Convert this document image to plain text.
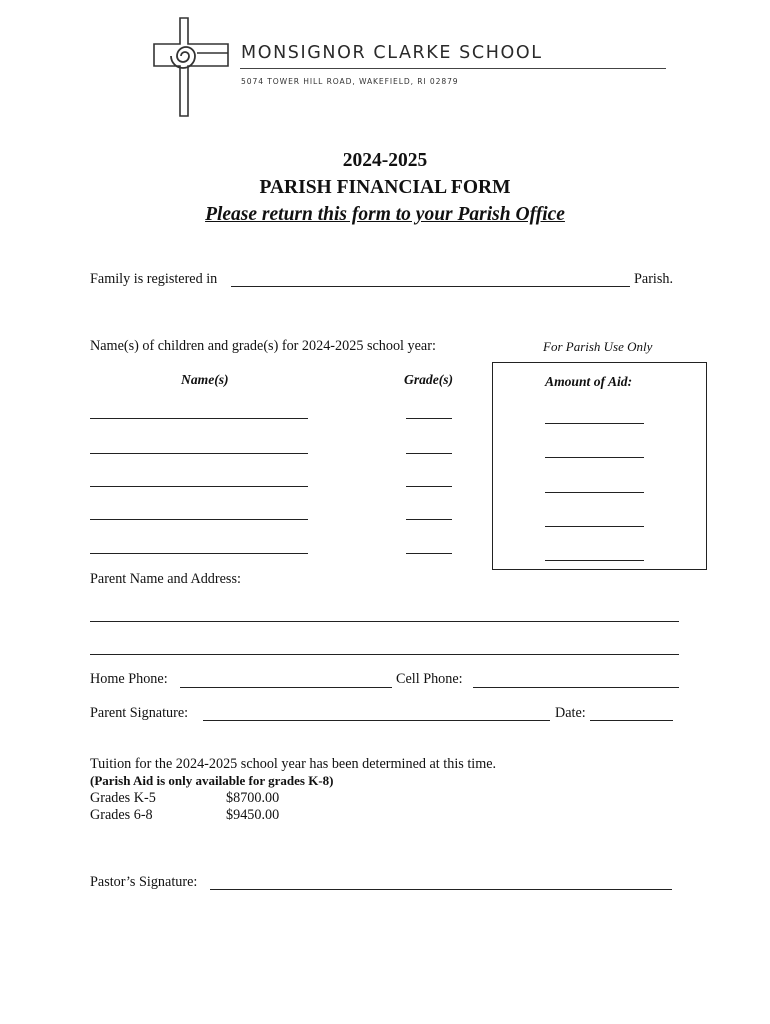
MONSIGNOR CLARKE SCHOOL
5074 TOWER HILL ROAD, WAKEFIELD, RI 02879
2024-2025
PARISH FINANCIAL FORM
Please return this form to your Parish Office
Family is registered in	Parish.
Name(s) of children and grade(s) for 2024-2025 school year:	For Parish Use Only
Name(s)	Grade(s)	Amount of Aid:
Parent Name and Address:
Home Phone:	Cell Phone:
Parent Signature:	Date:
Tuition for the 2024-2025 school year has been determined at this time.
(Parish Aid is only available for grades K-8)
Grades K-5	$8700.00
Grades 6-8	$9450.00
Pastor’s Signature:
